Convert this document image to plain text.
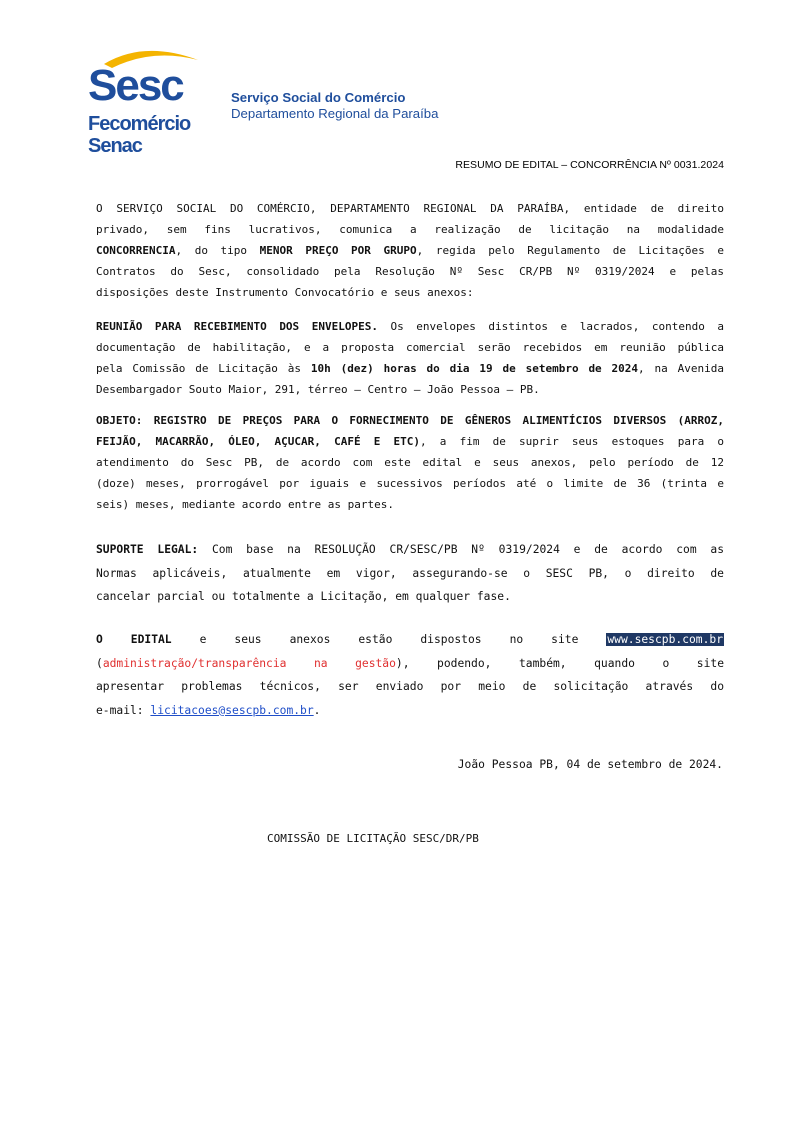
Sesc
Fecomércio
Senac
Serviço Social do Comércio
Departamento Regional da Paraíba
RESUMO DE EDITAL – CONCORRÊNCIA Nº 0031.2024
O SERVIÇO SOCIAL DO COMÉRCIO, DEPARTAMENTO REGIONAL DA PARAÍBA, entidade de direito
privado, sem fins lucrativos, comunica a realização de licitação na modalidade
CONCORRENCIA, do tipo MENOR PREÇO POR GRUPO, regida pelo Regulamento de Licitações e
Contratos do Sesc, consolidado pela Resolução Nº Sesc CR/PB Nº 0319/2024 e pelas
disposições deste Instrumento Convocatório e seus anexos:
REUNIÃO PARA RECEBIMENTO DOS ENVELOPES. Os envelopes distintos e lacrados, contendo a
documentação de habilitação, e a proposta comercial serão recebidos em reunião pública
pela Comissão de Licitação às 10h (dez) horas do dia 19 de setembro de 2024, na Avenida
Desembargador Souto Maior, 291, térreo – Centro – João Pessoa – PB.
OBJETO: REGISTRO DE PREÇOS PARA O FORNECIMENTO DE GÊNEROS ALIMENTÍCIOS DIVERSOS (ARROZ,
FEIJÃO, MACARRÃO, ÓLEO, AÇUCAR, CAFÉ E ETC), a fim de suprir seus estoques para o
atendimento do Sesc PB, de acordo com este edital e seus anexos, pelo período de 12
(doze) meses, prorrogável por iguais e sucessivos períodos até o limite de 36 (trinta e
seis) meses, mediante acordo entre as partes.
SUPORTE LEGAL: Com base na RESOLUÇÃO CR/SESC/PB Nº 0319/2024 e de acordo com as
Normas aplicáveis, atualmente em vigor, assegurando-se o SESC PB, o direito de
cancelar parcial ou totalmente a Licitação, em qualquer fase.
O EDITAL e seus anexos estão dispostos no site www.sescpb.com.br
(administração/transparência na gestão), podendo, também, quando o site
apresentar problemas técnicos, ser enviado por meio de solicitação através do
e-mail: licitacoes@sescpb.com.br.
João Pessoa PB, 04 de setembro de 2024.
COMISSÃO DE LICITAÇÃO SESC/DR/PB
